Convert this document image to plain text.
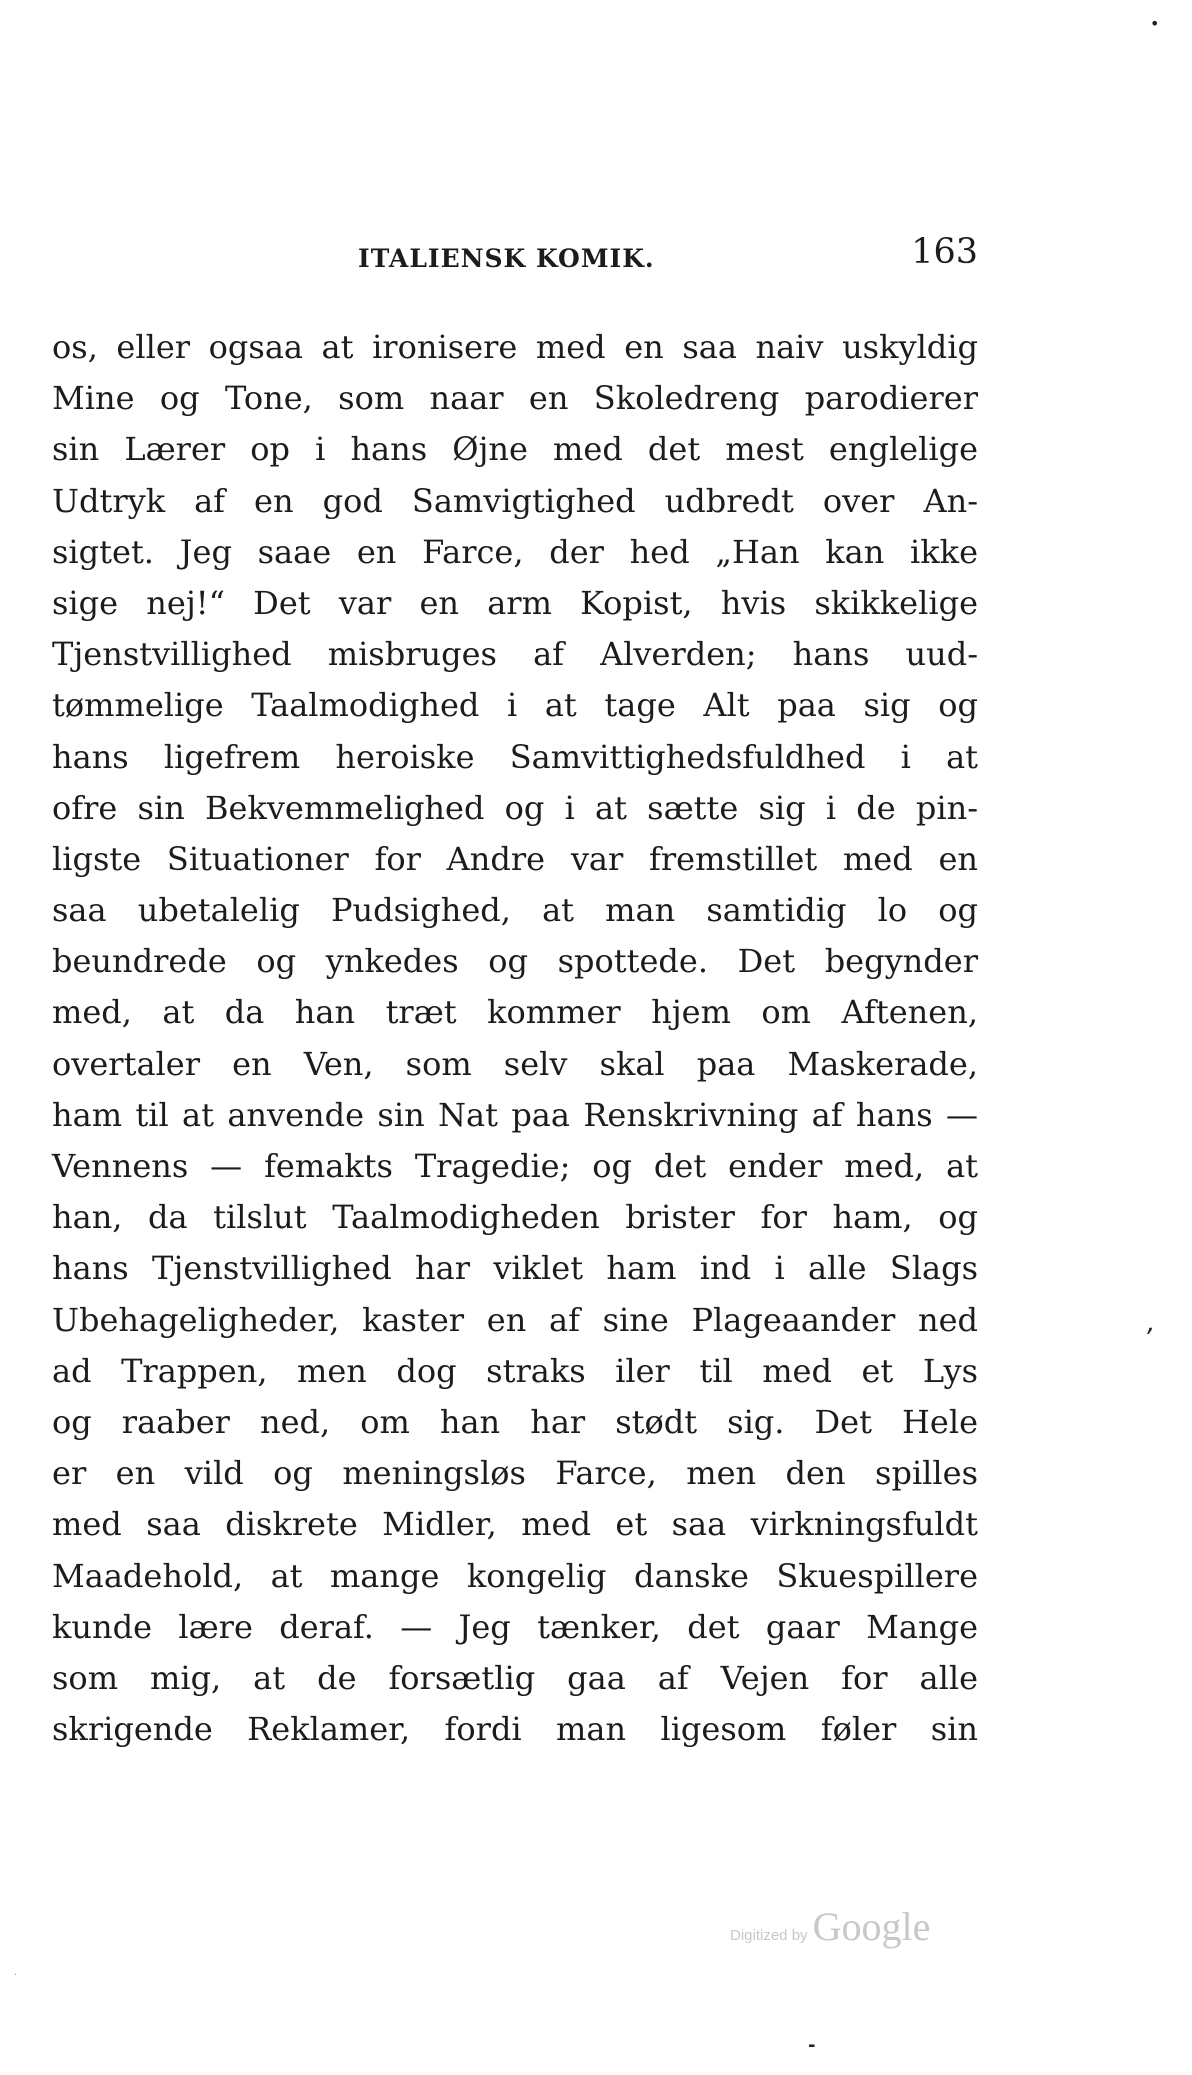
•
‚
-
·
ITALIENSK KOMIK.	163
os, eller ogsaa at ironisere med en saa naiv uskyldig
Mine og Tone, som naar en Skoledreng parodierer
sin Lærer op i hans Øjne med det mest englelige
Udtryk af en god Samvigtighed udbredt over An-
sigtet. Jeg saae en Farce, der hed „Han kan ikke
sige nej!“ Det var en arm Kopist, hvis skikkelige
Tjenstvillighed misbruges af Alverden; hans uud-
tømmelige Taalmodighed i at tage Alt paa sig og
hans ligefrem heroiske Samvittighedsfuldhed i at
ofre sin Bekvemmelighed og i at sætte sig i de pin-
ligste Situationer for Andre var fremstillet med en
saa ubetalelig Pudsighed, at man samtidig lo og
beundrede og ynkedes og spottede. Det begynder
med, at da han træt kommer hjem om Aftenen,
overtaler en Ven, som selv skal paa Maskerade,
ham til at anvende sin Nat paa Renskrivning af hans —
Vennens — femakts Tragedie; og det ender med, at
han, da tilslut Taalmodigheden brister for ham, og
hans Tjenstvillighed har viklet ham ind i alle Slags
Ubehageligheder, kaster en af sine Plageaander ned
ad Trappen, men dog straks iler til med et Lys
og raaber ned, om han har stødt sig. Det Hele
er en vild og meningsløs Farce, men den spilles
med saa diskrete Midler, med et saa virkningsfuldt
Maadehold, at mange kongelig danske Skuespillere
kunde lære deraf. — Jeg tænker, det gaar Mange
som mig, at de forsætlig gaa af Vejen for alle
skrigende Reklamer, fordi man ligesom føler sin
Digitized by Google
